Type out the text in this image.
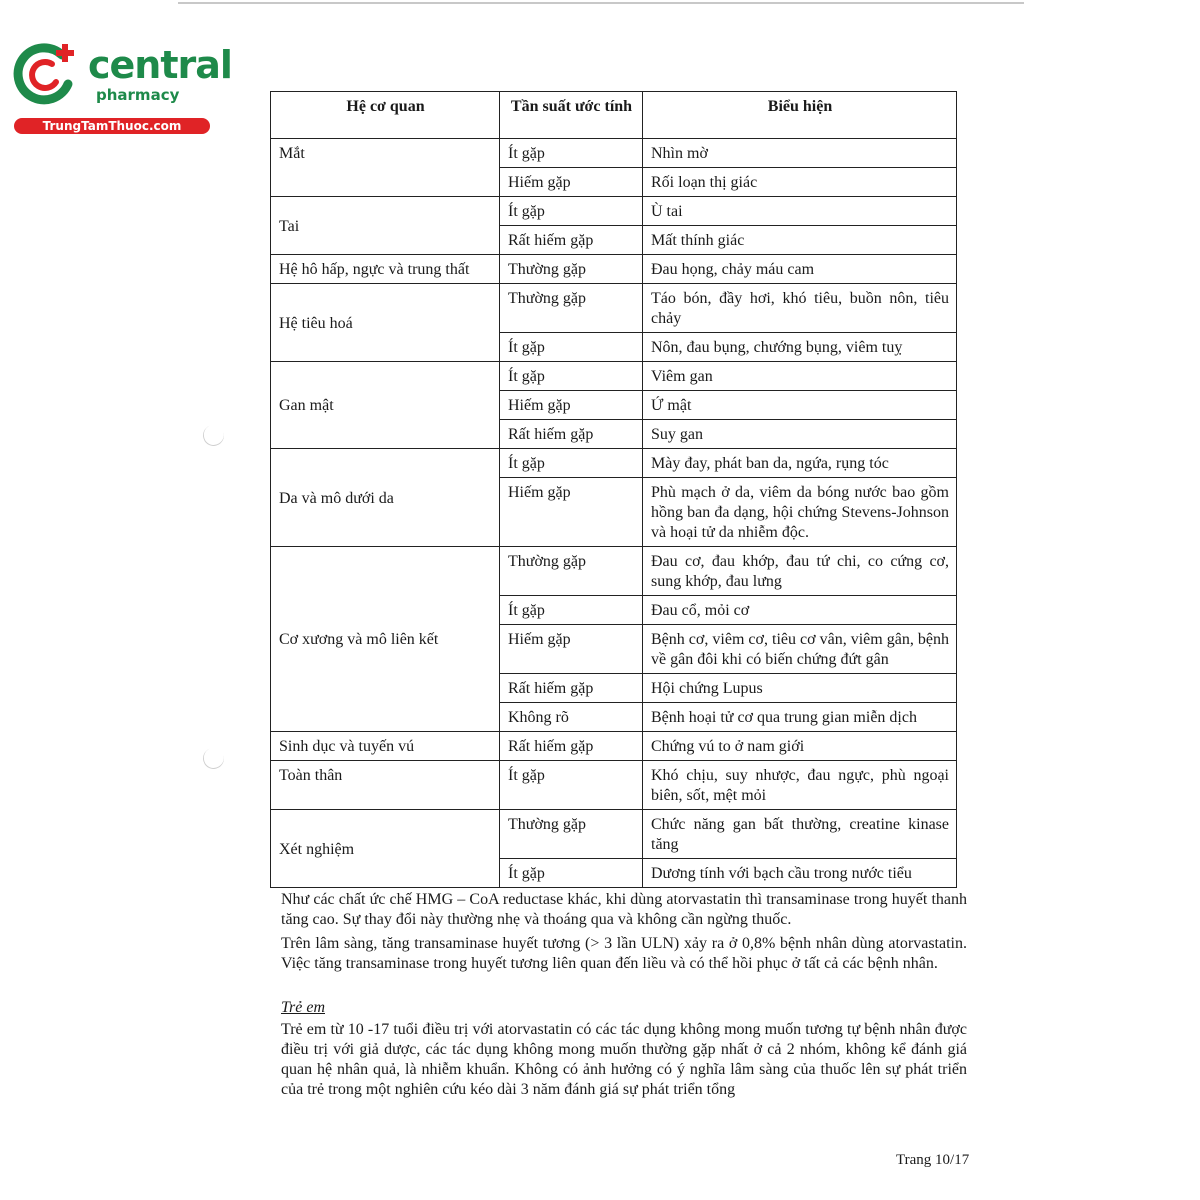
central
pharmacy
TrungTamThuoc.com
Hệ cơ quan	Tần suất ước tính	Biểu hiện
Mắt	Ít gặp	Nhìn mờ
	Hiếm gặp	Rối loạn thị giác
Tai	Ít gặp	Ù tai
	Rất hiếm gặp	Mất thính giác
Hệ hô hấp, ngực và trung thất	Thường gặp	Đau họng, chảy máu cam
Hệ tiêu hoá	Thường gặp	Táo bón, đầy hơi, khó tiêu, buồn nôn, tiêu chảy
	Ít gặp	Nôn, đau bụng, chướng bụng, viêm tuỵ
Gan mật	Ít gặp	Viêm gan
	Hiếm gặp	Ứ mật
	Rất hiếm gặp	Suy gan
Da và mô dưới da	Ít gặp	Mày đay, phát ban da, ngứa, rụng tóc
	Hiếm gặp	Phù mạch ở da, viêm da bóng nước bao gồm hồng ban đa dạng, hội chứng Stevens-Johnson và hoại tử da nhiễm độc.
Cơ xương và mô liên kết	Thường gặp	Đau cơ, đau khớp, đau tứ chi, co cứng cơ, sung khớp, đau lưng
	Ít gặp	Đau cổ, mỏi cơ
	Hiếm gặp	Bệnh cơ, viêm cơ, tiêu cơ vân, viêm gân, bệnh về gân đôi khi có biến chứng đứt gân
	Rất hiếm gặp	Hội chứng Lupus
	Không rõ	Bệnh hoại tử cơ qua trung gian miễn dịch
Sinh dục và tuyến vú	Rất hiếm gặp	Chứng vú to ở nam giới
Toàn thân	Ít gặp	Khó chịu, suy nhược, đau ngực, phù ngoại biên, sốt, mệt mỏi
Xét nghiệm	Thường gặp	Chức năng gan bất thường, creatine kinase tăng
	Ít gặp	Dương tính với bạch cầu trong nước tiểu

Như các chất ức chế HMG – CoA reductase khác, khi dùng atorvastatin thì transaminase trong huyết thanh tăng cao. Sự thay đổi này thường nhẹ và thoáng qua và không cần ngừng thuốc.

Trên lâm sàng, tăng transaminase huyết tương (> 3 lần ULN) xảy ra ở 0,8% bệnh nhân dùng atorvastatin. Việc tăng transaminase trong huyết tương liên quan đến liều và có thể hồi phục ở tất cả các bệnh nhân.

Trẻ em

Trẻ em từ 10 -17 tuổi điều trị với atorvastatin có các tác dụng không mong muốn tương tự bệnh nhân được điều trị với giả dược, các tác dụng không mong muốn thường gặp nhất ở cả 2 nhóm, không kể đánh giá quan hệ nhân quả, là nhiễm khuẩn. Không có ảnh hưởng có ý nghĩa lâm sàng của thuốc lên sự phát triển của trẻ trong một nghiên cứu kéo dài 3 năm đánh giá sự phát triển tổng

Trang 10/17
